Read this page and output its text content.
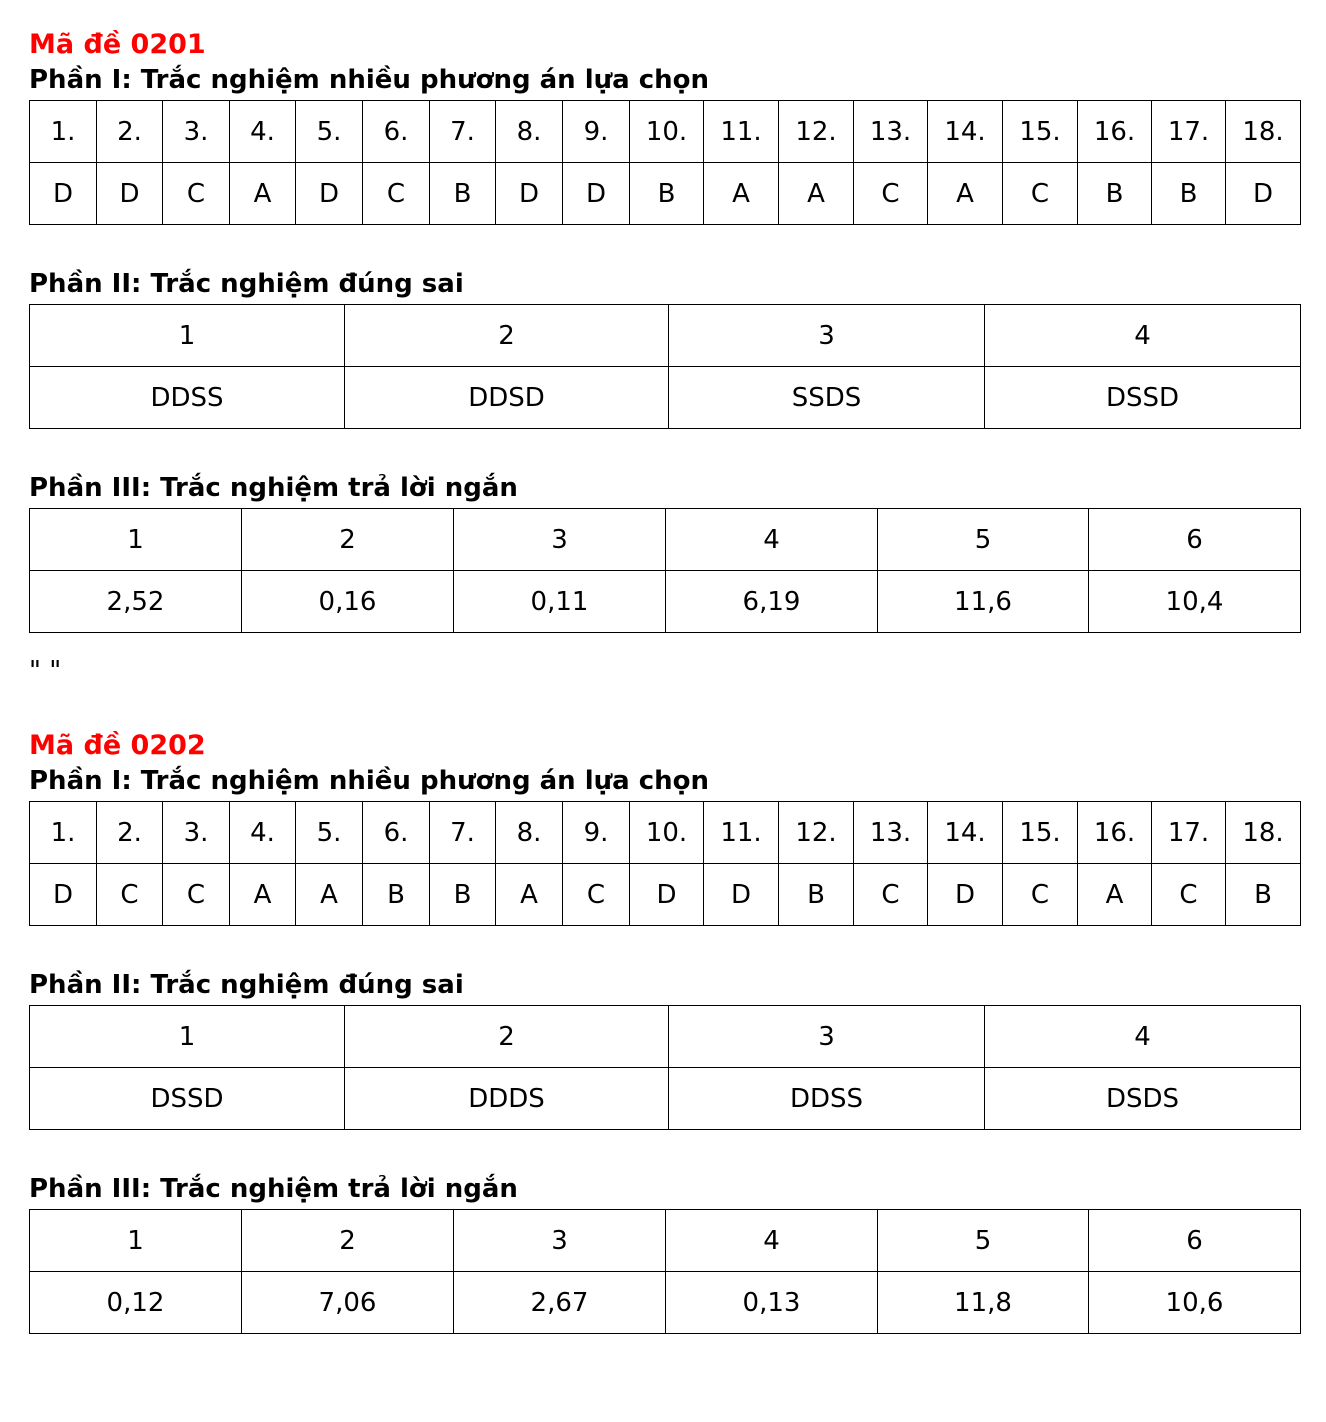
Mã đề 0201
Phần I: Trắc nghiệm nhiều phương án lựa chọn
1.	2.	3.	4.	5.	6.	7.	8.	9.	10.	11.	12.	13.	14.	15.	16.	17.	18.
D	D	C	A	D	C	B	D	D	B	A	A	C	A	C	B	B	D
Phần II: Trắc nghiệm đúng sai
1	2	3	4
DDSS	DDSD	SSDS	DSSD
Phần III: Trắc nghiệm trả lời ngắn
1	2	3	4	5	6
2,52	0,16	0,11	6,19	11,6	10,4
" "
Mã đề 0202
Phần I: Trắc nghiệm nhiều phương án lựa chọn
1.	2.	3.	4.	5.	6.	7.	8.	9.	10.	11.	12.	13.	14.	15.	16.	17.	18.
D	C	C	A	A	B	B	A	C	D	D	B	C	D	C	A	C	B
Phần II: Trắc nghiệm đúng sai
1	2	3	4
DSSD	DDDS	DDSS	DSDS
Phần III: Trắc nghiệm trả lời ngắn
1	2	3	4	5	6
0,12	7,06	2,67	0,13	11,8	10,6
